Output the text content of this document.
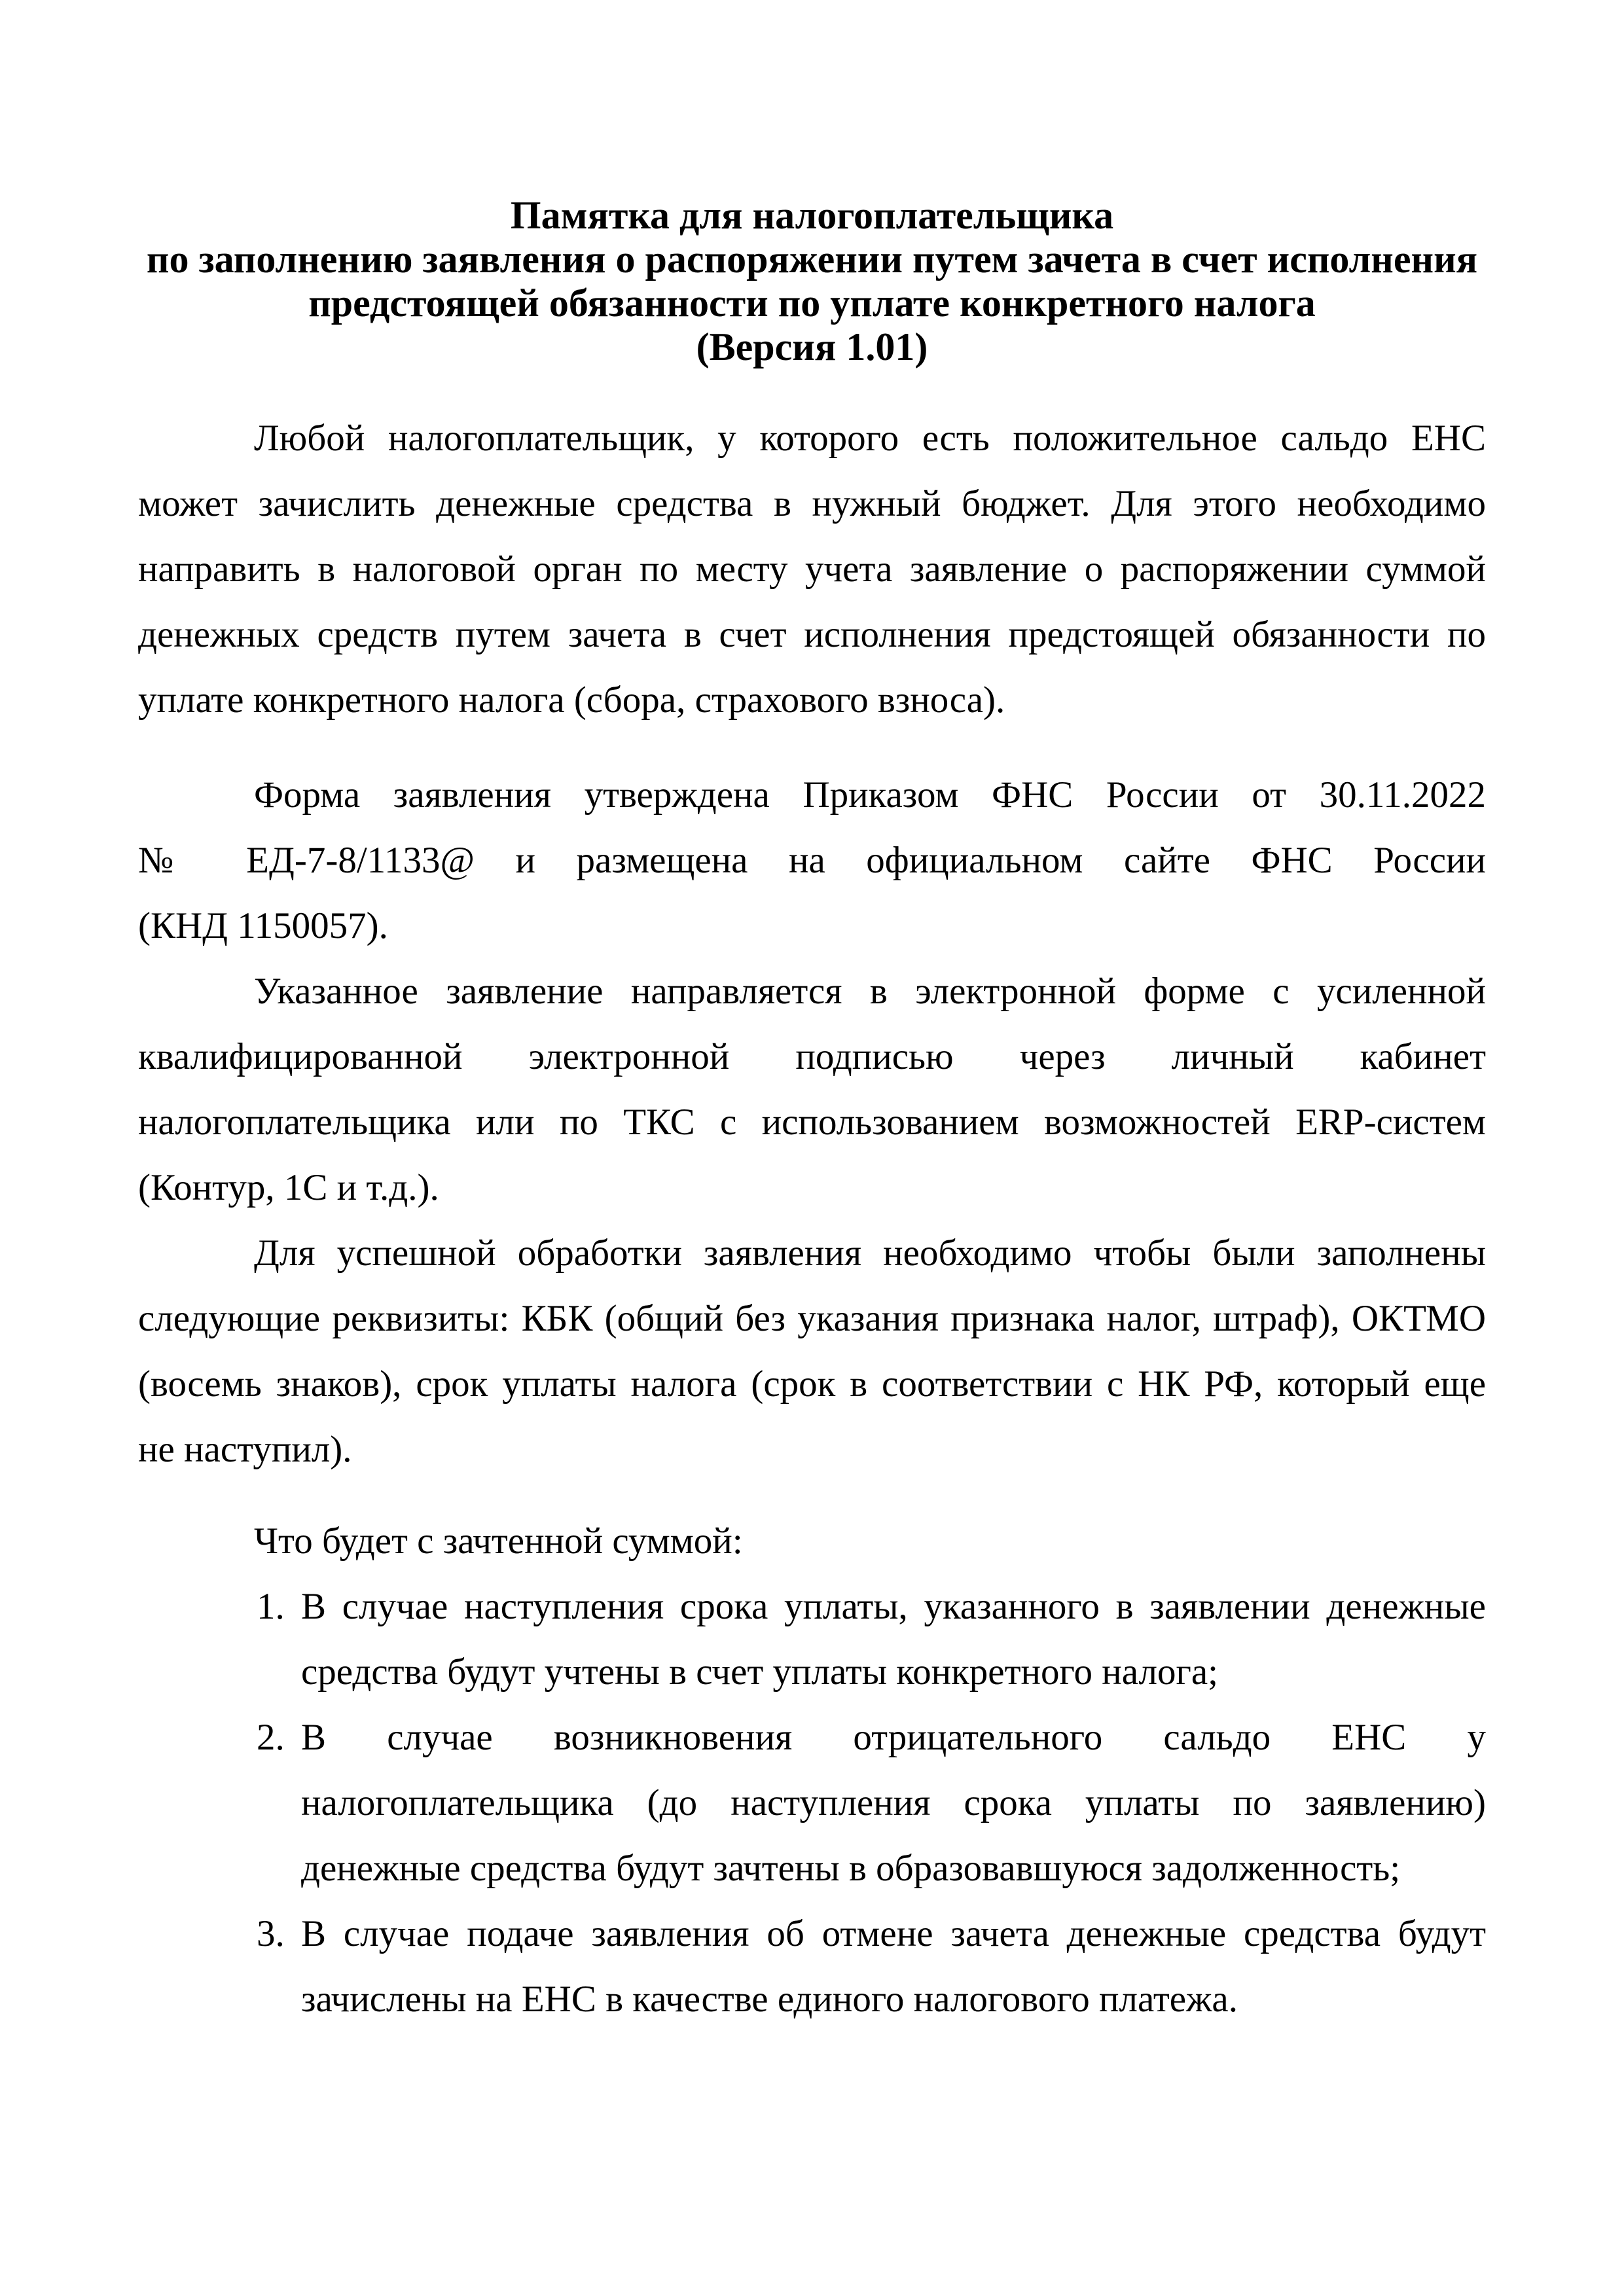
Памятка для налогоплательщика
по заполнению заявления о распоряжении путем зачета в счет исполнения
предстоящей обязанности по уплате конкретного налога
(Версия 1.01)
Любой налогоплательщик, у которого есть положительное сальдо ЕНС
может зачислить денежные средства в нужный бюджет. Для этого необходимо
направить в налоговой орган по месту учета заявление о распоряжении суммой
денежных средств путем зачета в счет исполнения предстоящей обязанности по
уплате конкретного налога (сбора, страхового взноса).
Форма заявления утверждена Приказом ФНС России от 30.11.2022
№ ЕД-7-8/1133@ и размещена на официальном сайте ФНС России
(КНД 1150057).
Указанное заявление направляется в электронной форме с усиленной
квалифицированной электронной подписью через личный кабинет
налогоплательщика или по ТКС с использованием возможностей ERP-систем
(Контур, 1С и т.д.).
Для успешной обработки заявления необходимо чтобы были заполнены
следующие реквизиты: КБК (общий без указания признака налог, штраф), ОКТМО
(восемь знаков), срок уплаты налога (срок в соответствии с НК РФ, который еще
не наступил).
Что будет с зачтенной суммой:
1. В случае наступления срока уплаты, указанного в заявлении денежные
средства будут учтены в счет уплаты конкретного налога;
2. В случае возникновения отрицательного сальдо ЕНС у
налогоплательщика (до наступления срока уплаты по заявлению)
денежные средства будут зачтены в образовавшуюся задолженность;
3. В случае подаче заявления об отмене зачета денежные средства будут
зачислены на ЕНС в качестве единого налогового платежа.
